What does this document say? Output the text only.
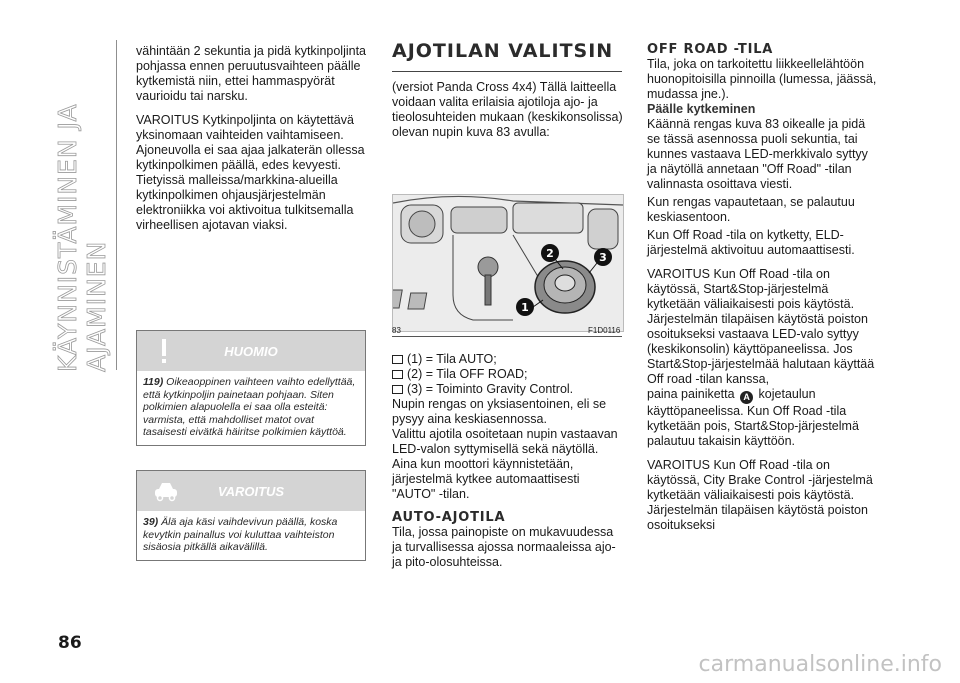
KÄYNNISTÄMINEN JA AJAMINEN

vähintään 2 sekuntia ja pidä kytkinpoljinta pohjassa ennen peruutusvaihteen päälle kytkemistä niin, ettei hammaspyörät vaurioidu tai narsku.

VAROITUS Kytkinpoljinta on käytettävä yksinomaan vaihteiden vaihtamiseen. Ajoneuvolla ei saa ajaa jalkaterän ollessa kytkinpolkimen päällä, edes kevyesti. Tietyissä malleissa/markkina-alueilla kytkinpolkimen ohjausjärjestelmän elektroniikka voi aktivoitua tulkitsemalla virheellisen ajotavan viaksi.

HUOMIO
119) Oikeaoppinen vaihteen vaihto edellyttää, että kytkinpoljin painetaan pohjaan. Siten polkimien alapuolella ei saa olla esteitä: varmista, että mahdolliset matot ovat tasaisesti eivätkä häiritse polkimien käyttöä.
VAROITUS
39) Älä aja käsi vaihdevivun päällä, koska kevytkin painallus voi kuluttaa vaihteiston sisäosia pitkällä aikavälillä.
AJOTILAN VALITSIN

(versiot Panda Cross 4x4) Tällä laitteella voidaan valita erilaisia ajotiloja ajo- ja tieolosuhteiden mukaan (keskikonsolissa) olevan nupin kuva 83 avulla:

1
2	3
83	F1D0116
(1) = Tila AUTO;
(2) = Tila OFF ROAD;
(3) = Toiminto Gravity Control.

Nupin rengas on yksiasentoinen, eli se pysyy aina keskiasennossa.

Valittu ajotila osoitetaan nupin vastaavan LED-valon syttymisellä sekä näytöllä.

Aina kun moottori käynnistetään, järjestelmä kytkee automaattisesti "AUTO" -tilan.

AUTO-AJOTILA

Tila, jossa painopiste on mukavuudessa ja turvallisessa ajossa normaaleissa ajo- ja pito-olosuhteissa.

OFF ROAD -TILA

Tila, joka on tarkoitettu liikkeellelähtöön huonopitoisilla pinnoilla (lumessa, jäässä, mudassa jne.).

Päälle kytkeminen

Käännä rengas kuva 83 oikealle ja pidä se tässä asennossa puoli sekuntia, tai kunnes vastaava LED-merkkivalo syttyy ja näytöllä annetaan "Off Road" -tilan valinnasta osoittava viesti.

Kun rengas vapautetaan, se palautuu keskiasentoon.

Kun Off Road -tila on kytketty, ELD-järjestelmä aktivoituu automaattisesti.

VAROITUS Kun Off Road -tila on käytössä, Start&Stop-järjestelmä kytketään väliaikaisesti pois käytöstä. Järjestelmän tilapäisen käytöstä poiston osoitukseksi vastaava LED-valo syttyy (keskikonsolin) käyttöpaneelissa. Jos Start&Stop-järjestelmää halutaan käyttää Off road -tilan kanssa,

paina painiketta A kojetaulun käyttöpaneelissa. Kun Off Road -tila kytketään pois, Start&Stop-järjestelmä palautuu takaisin käyttöön.

VAROITUS Kun Off Road -tila on käytössä, City Brake Control -järjestelmä kytketään väliaikaisesti pois käytöstä. Järjestelmän tilapäisen käytöstä poiston osoitukseksi

86
carmanualsonline.info
